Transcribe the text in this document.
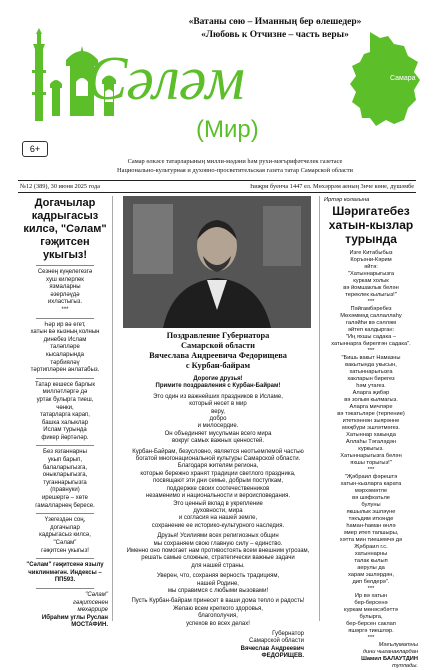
«Ватаны сөю – Иманның бер өлешедер»
«Любовь к Отчизне – часть веры»
Сәләм
(Мир)
Самара
6+
Самар өлкәсе татарларының милли-мәдәни һәм рухи-мәгърифәтчелек газетасе
Национально-культурная и духовно-просветительская газета татар Самарской области
№12 (389), 30 июня 2025 года	Һиҗри буенча 1447 ел. Мөхәррәм аеның 3нче көне, дүшәмбе
Догачылар кадрыгасыз килсә, "Сәлам" гәҗитсен укыгыз!
Сезнең күңелегезгә
хуш килерлек
язмаларны
әзерләүдә
ихластыгыз.
***
Һәр ир вә егет,
хатын вә кызның колнын
динебез Ислам
таләпләре
кысаларында
тәрбияләү
тәртипләрен анлатабыз.
Татар кешесе барлык
милләтләргә дә
уртак булырга тиеш,
чөнки,
татарларга карап,
башка халыклар
Ислам турында
фикер йөртәләр.
Без язганнарны
укып барып,
балаларыгызга,
оныкларыгызга,
туганнарыгызга
(правнуки)
ирешергә – хөте
гамалларнең бересе.
Үзегездән соң,
догачылар
кадрыгасыз килсә,
"Сәлам"
гәҗитсен укыгыз!
"Сәлам" гәҗитсенә язылу чиклинмәгән. Индексы – ПП593.
"Сәлам"
гәҗитсенен
мөхәррире
Ибраhим углы Руслан МОСТАФИН.
Поздравление Губернатора
Самарской области
Вячеслава Андреевича Федорищева
с Курбан-байрам
Дорогие друзья!
Примите поздравления с Курбан-Байрам!
Это один из важнейших праздников в Исламе,
который несет в мир
веру,
добро
и милосердие.
Он объединяет мусульман всего мира
вокруг самых важных ценностей.
Курбан-Байрам, безусловно, является неотъемлемой частью
богатой многонациональной культуры Самарской области.
Благодаря жителям региона,
которые бережно хранят традиции светлого праздника,
посвящают эти дни семье, добрым поступкам,
поддержке своих соотечественников
незаменимо и национальности и вероисповедания.
Это ценный вклад в укрепление
духовности, мира
и согласия на нашей земле,
сохранение ее историко-культурного наследия.
Друзья! Усилиями всех религиозных общин
мы сохраняем свою главную силу – единство.
Именно оно помогает нам противостоять всем внешним угрозам,
решать самые сложные, стратегически важные задачи
для нашей страны.
Уверен, что, сохраняя верность традициям,
нашей Родине,
мы справимся с любыми вызовами!
Пусть Курбан-байрам принесет в ваши дома тепло и радость!
Желаю всем крепкого здоровья,
благополучия,
успехов во всех делах!
Губернатор
Самарской области
Вячеслав Андреевич
ФЕДОРИЩЕВ.
Иртәр колагына
Шәригатебез хатын-кызлар турында
Изге Китабыбыз
Коръәни-Кәрим
әйтә:
"Хатыннарыгызга
куркам холык
вә йомшаклык белән
тереклек кылыгыз!"
***
Пәйгамбәребез
Мөхәммәд саллаллаһу
галәйһи вә сәлләм
әйтеп калдырган:
"Иң яхшы садака –
хатыннарга бирелгән садака".
***
"Бишь вакыт Намазны
вакытында укысын,
хатыннарыгызга
хакларын бирегез
һәм утагез.
Аларга җибәр
вә золым кылмагыз.
Аларга мичләре
вә тәкатьләре (терпение)
итеткәннән зыярәнне
мәҗбүри эшләтмәгез.
Хатыннар хакында
Аллаһы Тәгаләдән
куркыгыз.
Хатыннарыгызга белән
яхшы торыгыз!"
***
"Җәбраил фәрештә
хатын-кызларга карата
мәрхәмәтле
вә шәфкатьле
булуны
якшылык эшләүне
тәкъдим иткәнде
һаман-һаман өнлә
әмер итеп тапшыры,
хәтта мин тиешемчә дә
Җәбраил г.с.
хатыннарны
талак кылып
аерулы да
харам эшләрдән,
дип белдерә".
***
Ир вә хатын
бер-берсенә
куркам мөнәсәбәттә
булырга,
бер-берсен саклап
яшәргә тиешләр.
***
Мәгълүматны
дини чыганаклардан
Шамил БАЛАУТДИН
туплады.
